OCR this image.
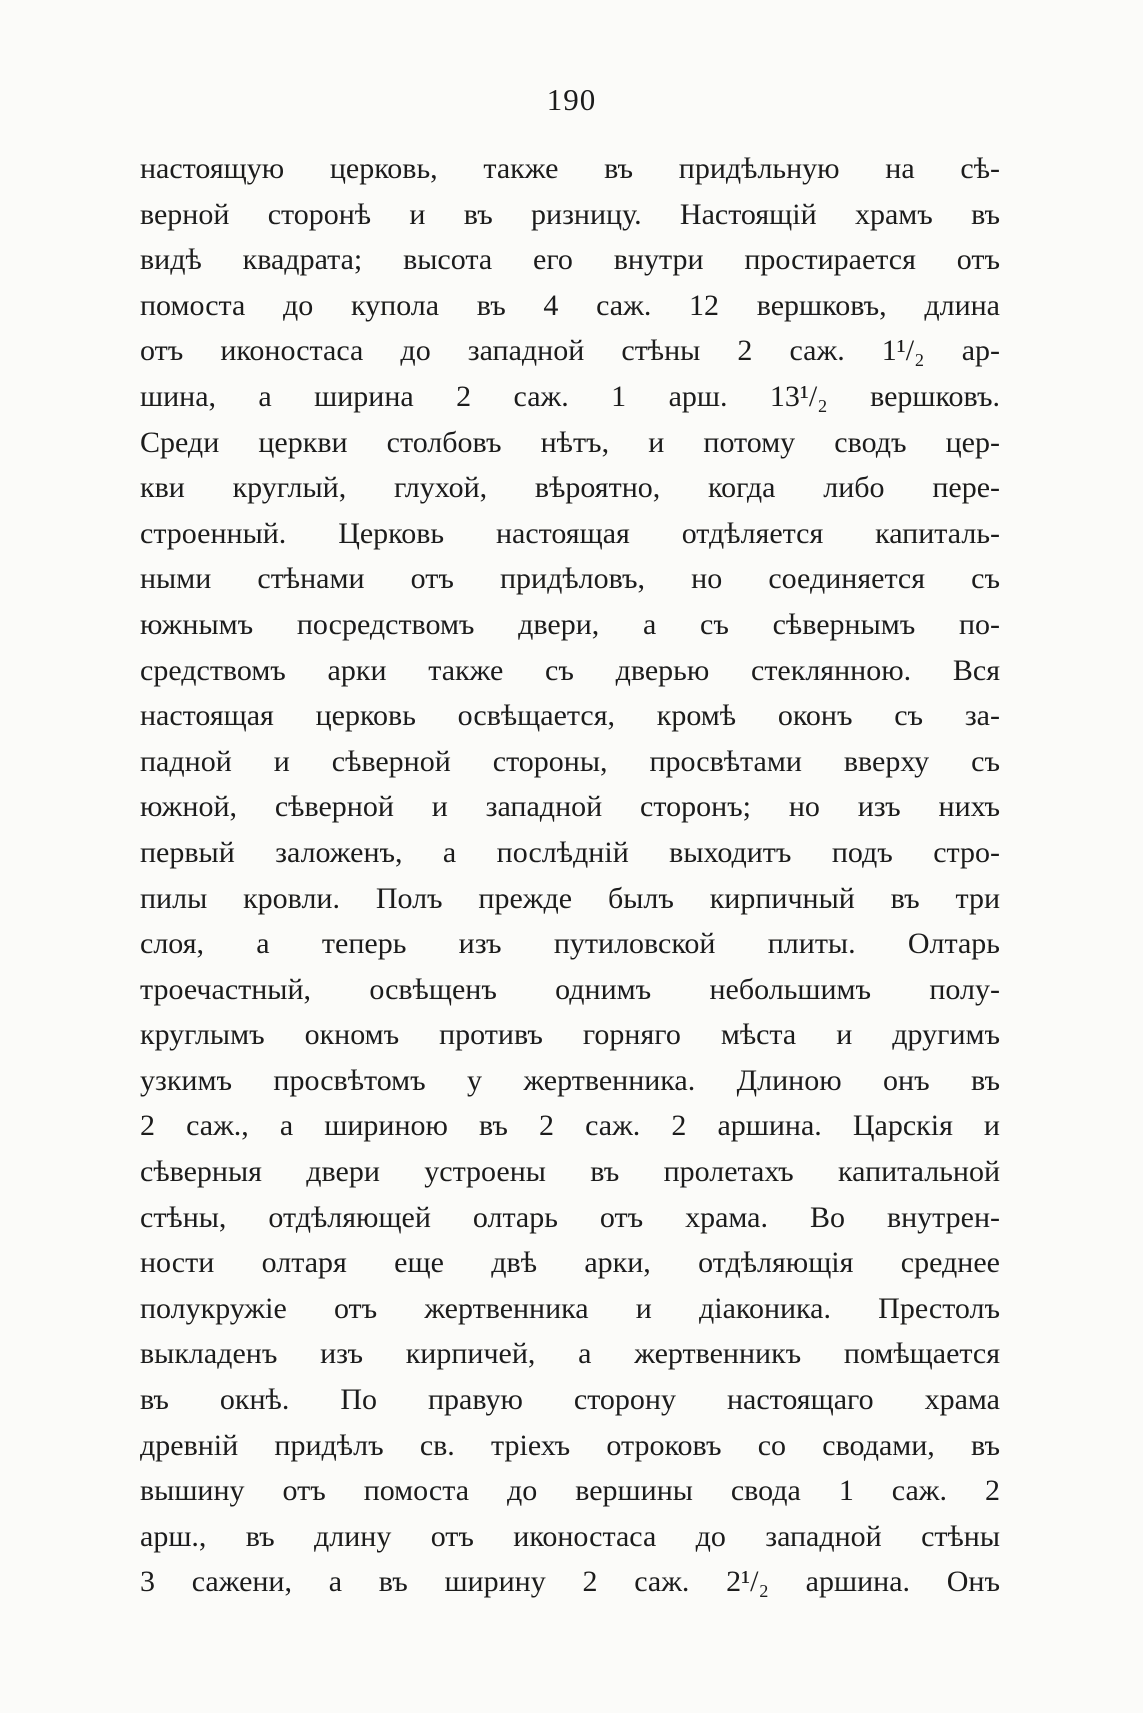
190
настоящую церковь, также въ придѣльную на сѣ-
верной сторонѣ и въ ризницу. Настоящій храмъ въ
видѣ квадрата; высота его внутри простирается отъ
помоста до купола въ 4 саж. 12 вершковъ, длина
отъ иконостаса до западной стѣны 2 саж. 1¹/₂ ар-
шина, а ширина 2 саж. 1 арш. 13¹/₂ вершковъ.
Среди церкви столбовъ нѣтъ, и потому сводъ цер-
кви круглый, глухой, вѣроятно, когда либо пере-
строенный. Церковь настоящая отдѣляется капиталь-
ными стѣнами отъ придѣловъ, но соединяется съ
южнымъ посредствомъ двери, а съ сѣвернымъ по-
средствомъ арки также съ дверью стеклянною. Вся
настоящая церковь освѣщается, кромѣ оконъ съ за-
падной и сѣверной стороны, просвѣтами вверху съ
южной, сѣверной и западной сторонъ; но изъ нихъ
первый заложенъ, а послѣдній выходитъ подъ стро-
пилы кровли. Полъ прежде былъ кирпичный въ три
слоя, а теперь изъ путиловской плиты. Олтарь
троечастный, освѣщенъ однимъ небольшимъ полу-
круглымъ окномъ противъ горняго мѣста и другимъ
узкимъ просвѣтомъ у жертвенника. Длиною онъ въ
2 саж., а шириною въ 2 саж. 2 аршина. Царскія и
сѣверныя двери устроены въ пролетахъ капитальной
стѣны, отдѣляющей олтарь отъ храма. Во внутрен-
ности олтаря еще двѣ арки, отдѣляющія среднее
полукружіе отъ жертвенника и діаконика. Престолъ
выкладенъ изъ кирпичей, а жертвенникъ помѣщается
въ окнѣ. По правую сторону настоящаго храма
древній придѣлъ св. тріехъ отроковъ со сводами, въ
вышину отъ помоста до вершины свода 1 саж. 2
арш., въ длину отъ иконостаса до западной стѣны
3 сажени, а въ ширину 2 саж. 2¹/₂ аршина. Онъ
